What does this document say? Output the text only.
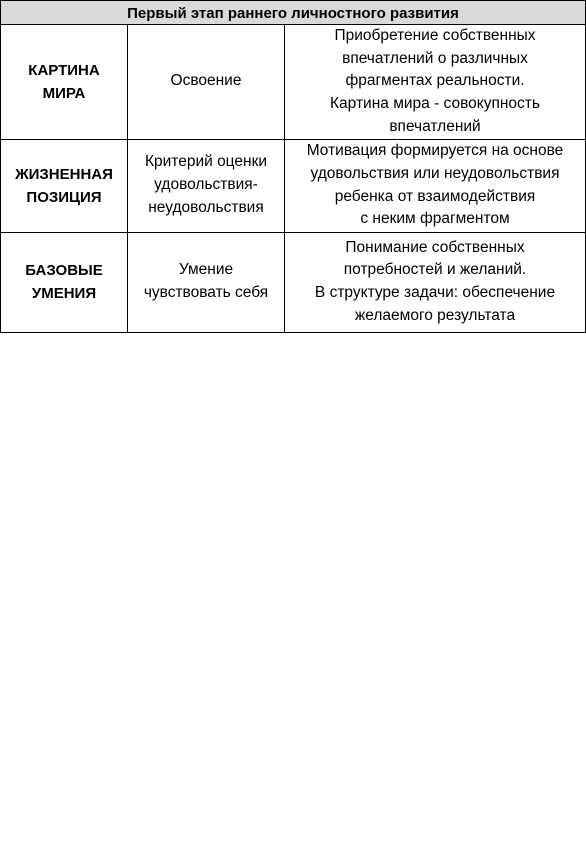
Первый этап раннего личностного развития		

КАРТИНА
МИРА	Освоение	Приобретение собственных
впечатлений о различных
фрагментах реальности.
Картина мира - совокупность
впечатлений

ЖИЗНЕННАЯ
ПОЗИЦИЯ	Критерий оценки
удовольствия-
неудовольствия	Мотивация формируется на основе
удовольствия или неудовольствия
ребенка от взаимодействия
с неким фрагментом

БАЗОВЫЕ
УМЕНИЯ	Умение
чувствовать себя	Понимание собственных
потребностей и желаний.
В структуре задачи: обеспечение
желаемого результата
